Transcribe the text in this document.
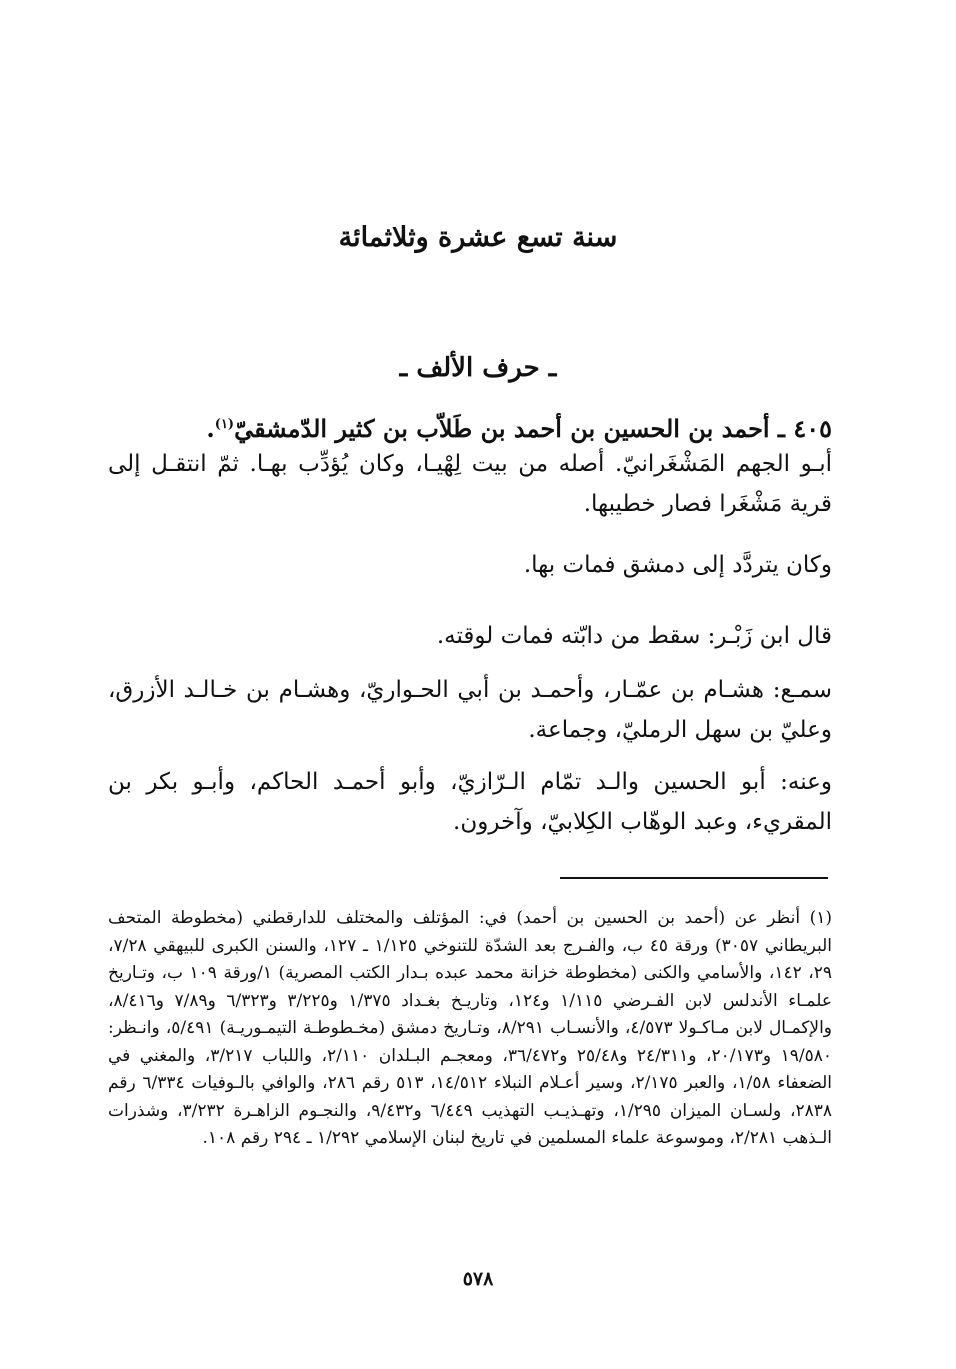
سنة تسع عشرة وثلاثمائة
ـ حرف الألف ـ
٤٠٥ ـ أحمد بن الحسين بن أحمد بن طَلاّب بن كثير الدّمشقيّ$^{(١)}$.
أبـو الجهم المَشْغَرانيّ. أصله من بيت لِهْيـا، وكان يُؤدِّب بهـا. ثمّ انتقـل إلى قرية مَشْغَرا فصار خطيبها.
وكان يتردَّد إلى دمشق فمات بها.
قال ابن زَبْـر: سقط من دابّته فمات لوقته.
سمـع: هشـام بن عمّـار، وأحمـد بن أبي الحـواريّ، وهشـام بن خـالـد الأزرق، وعليّ بن سهل الرمليّ، وجماعة.
وعنه: أبو الحسين والـد تمّام الـرّازيّ، وأبو أحمـد الحاكم، وأبـو بكر بن المقريء، وعبد الوهّاب الكِلابيّ، وآخرون.
(١) أنظر عن (أحمد بن الحسين بن أحمد) في: المؤتلف والمختلف للدارقطني (مخطوطة المتحف البريطاني ٣٠٥٧) ورقة ٤٥ ب، والفـرج بعد الشدّة للتنوخي ١/١٢٥ ـ ١٢٧، والسنن الكبرى للبيهقي ٧/٢٨، ٢٩، ١٤٢، والأسامي والكنى (مخطوطة خزانة محمد عبده بـدار الكتب المصرية) ١/ورقة ١٠٩ ب، وتـاريخ علمـاء الأندلس لابن الفـرضي ١/١١٥ و١٢٤، وتاريـخ بغـداد ١/٣٧٥ و٣/٢٢٥ و٦/٣٢٣ و٧/٨٩ و٨/٤١٦، والإكمـال لابن مـاكـولا ٤/٥٧٣، والأنسـاب ٨/٢٩١، وتـاريخ دمشق (مخـطوطـة التيمـوريـة) ٥/٤٩١، وانـظر: ١٩/٥٨٠ و٢٠/١٧٣، و٢٤/٣١١ و٢٥/٤٨ و٣٦/٤٧٢، ومعجـم البـلدان ٢/١١٠، واللباب ٣/٢١٧، والمغني في الضعفاء ١/٥٨، والعبر ٢/١٧٥، وسير أعـلام النبلاء ١٤/٥١٢، ٥١٣ رقم ٢٨٦، والوافي بالـوفيات ٦/٣٣٤ رقم ٢٨٣٨، ولسـان الميزان ١/٢٩٥، وتهـذيـب التهذيب ٦/٤٤٩ و٩/٤٣٢، والنجـوم الزاهـرة ٣/٢٣٢، وشذرات الـذهب ٢/٢٨١، وموسوعة علماء المسلمين في تاريخ لبنان الإسلامي ١/٢٩٢ ـ ٢٩٤ رقم ١٠٨.
٥٧٨
